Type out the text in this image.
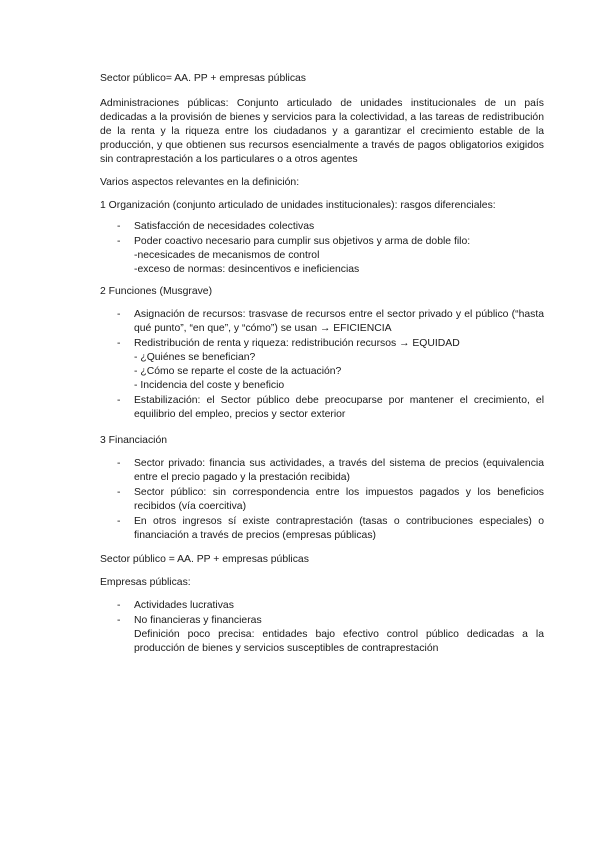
Sector público= AA. PP + empresas públicas

Administraciones públicas: Conjunto articulado de unidades institucionales de un país dedicadas a la provisión de bienes y servicios para la colectividad, a las tareas de redistribución de la renta y la riqueza entre los ciudadanos y a garantizar el crecimiento estable de la producción, y que obtienen sus recursos esencialmente a través de pagos obligatorios exigidos sin contraprestación a los particulares o a otros agentes

Varios aspectos relevantes en la definición:

1 Organización (conjunto articulado de unidades institucionales): rasgos diferenciales:

- Satisfacción de necesidades colectivas
- Poder coactivo necesario para cumplir sus objetivos y arma de doble filo:
-necesicades de mecanismos de control
-exceso de normas: desincentivos e ineficiencias

2 Funciones (Musgrave)

- Asignación de recursos: trasvase de recursos entre el sector privado y el público (“hasta qué punto”, “en que”, y “cómo”) se usan → EFICIENCIA
- Redistribución de renta y riqueza: redistribución recursos → EQUIDAD
- ¿Quiénes se benefician?
- ¿Cómo se reparte el coste de la actuación?
- Incidencia del coste y beneficio
- Estabilización: el Sector público debe preocuparse por mantener el crecimiento, el equilibrio del empleo, precios y sector exterior

3 Financiación

- Sector privado: financia sus actividades, a través del sistema de precios (equivalencia entre el precio pagado y la prestación recibida)
- Sector público: sin correspondencia entre los impuestos pagados y los beneficios recibidos (vía coercitiva)
- En otros ingresos sí existe contraprestación (tasas o contribuciones especiales) o financiación a través de precios (empresas públicas)

Sector público = AA. PP + empresas públicas

Empresas públicas:

- Actividades lucrativas
- No financieras y financieras
Definición poco precisa: entidades bajo efectivo control público dedicadas a la producción de bienes y servicios susceptibles de contraprestación
